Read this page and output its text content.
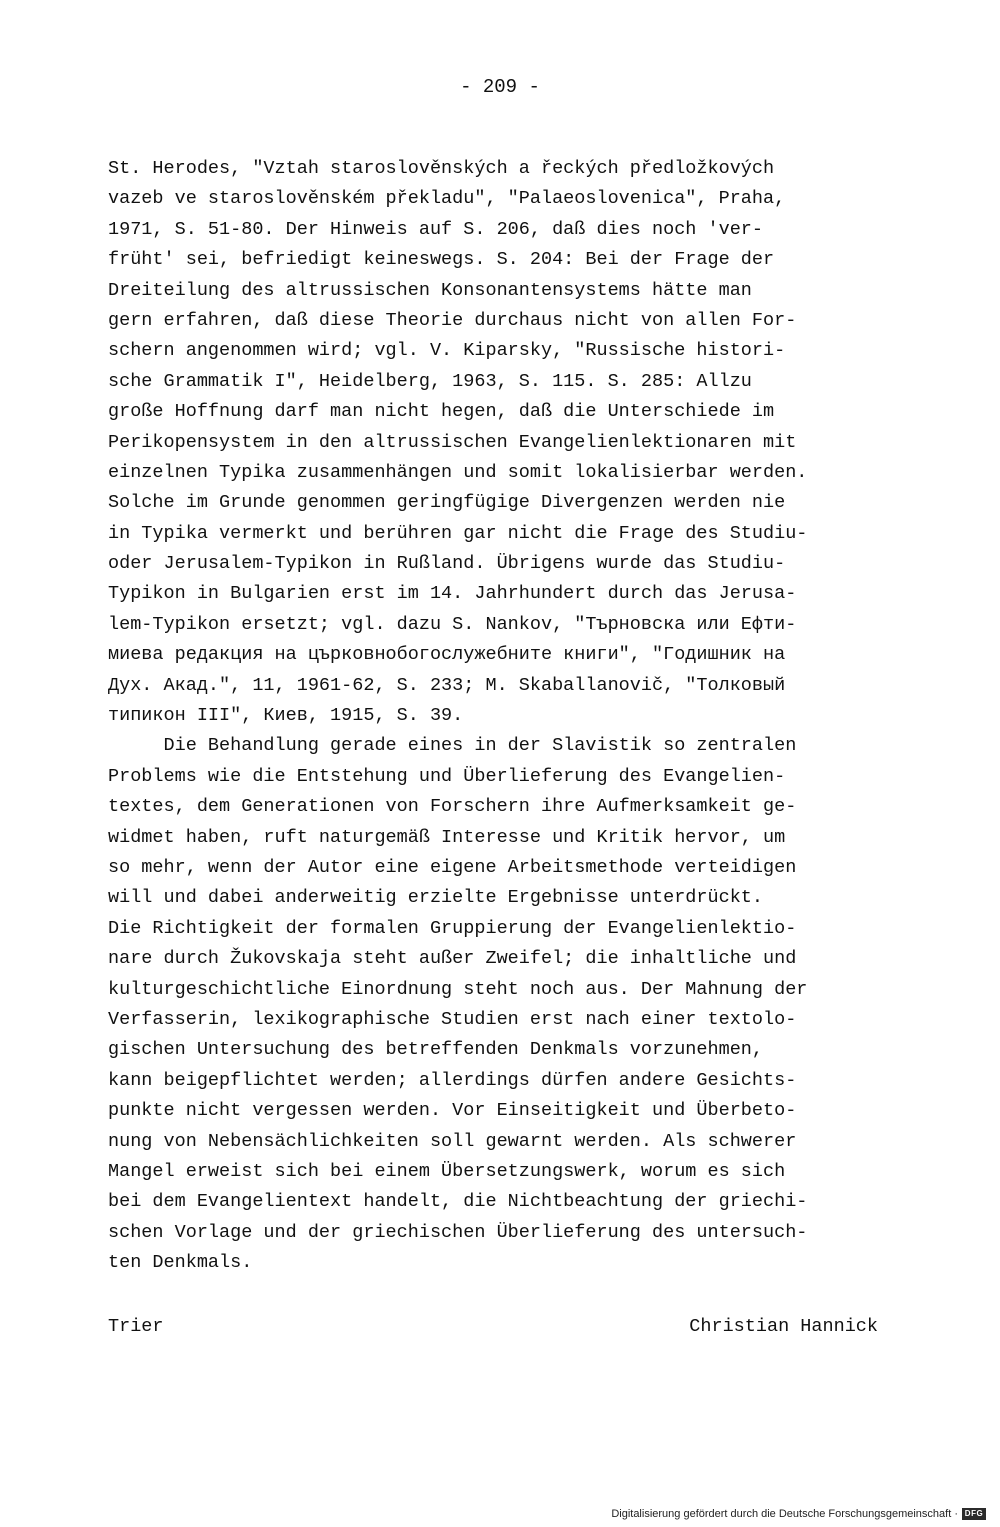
- 209 -
St. Herodes, "Vztah staroslověnských a řeckých předložkových
vazeb ve staroslověnském překladu", "Palaeoslovenica", Praha,
1971, S. 51-80. Der Hinweis auf S. 206, daß dies noch 'ver-
früht' sei, befriedigt keineswegs. S. 204: Bei der Frage der
Dreiteilung des altrussischen Konsonantensystems hätte man
gern erfahren, daß diese Theorie durchaus nicht von allen For-
schern angenommen wird; vgl. V. Kiparsky, "Russische histori-
sche Grammatik I", Heidelberg, 1963, S. 115. S. 285: Allzu
große Hoffnung darf man nicht hegen, daß die Unterschiede im
Perikopensystem in den altrussischen Evangelienlektionaren mit
einzelnen Typika zusammenhängen und somit lokalisierbar werden.
Solche im Grunde genommen geringfügige Divergenzen werden nie
in Typika vermerkt und berühren gar nicht die Frage des Studiu-
oder Jerusalem-Typikon in Rußland. Übrigens wurde das Studiu-
Typikon in Bulgarien erst im 14. Jahrhundert durch das Jerusa-
lem-Typikon ersetzt; vgl. dazu S. Nankov, "Търновска или Ефти-
миева редакция на църковнобогослужебните книги", "Годишник на
Дух. Акад.", 11, 1961-62, S. 233; M. Skaballanovič, "Толковый
типикон III", Киев, 1915, S. 39.
Die Behandlung gerade eines in der Slavistik so zentralen
Problems wie die Entstehung und Überlieferung des Evangelien-
textes, dem Generationen von Forschern ihre Aufmerksamkeit ge-
widmet haben, ruft naturgemäß Interesse und Kritik hervor, um
so mehr, wenn der Autor eine eigene Arbeitsmethode verteidigen
will und dabei anderweitig erzielte Ergebnisse unterdrückt.
Die Richtigkeit der formalen Gruppierung der Evangelienlektio-
nare durch Žukovskaja steht außer Zweifel; die inhaltliche und
kulturgeschichtliche Einordnung steht noch aus. Der Mahnung der
Verfasserin, lexikographische Studien erst nach einer textolo-
gischen Untersuchung des betreffenden Denkmals vorzunehmen,
kann beigepflichtet werden; allerdings dürfen andere Gesichts-
punkte nicht vergessen werden. Vor Einseitigkeit und Überbeto-
nung von Nebensächlichkeiten soll gewarnt werden. Als schwerer
Mangel erweist sich bei einem Übersetzungswerk, worum es sich
bei dem Evangelientext handelt, die Nichtbeachtung der griechi-
schen Vorlage und der griechischen Überlieferung des untersuch-
ten Denkmals.
Trier	Christian Hannick
Digitalisierung gefördert durch die Deutsche Forschungsgemeinschaft · DFG
